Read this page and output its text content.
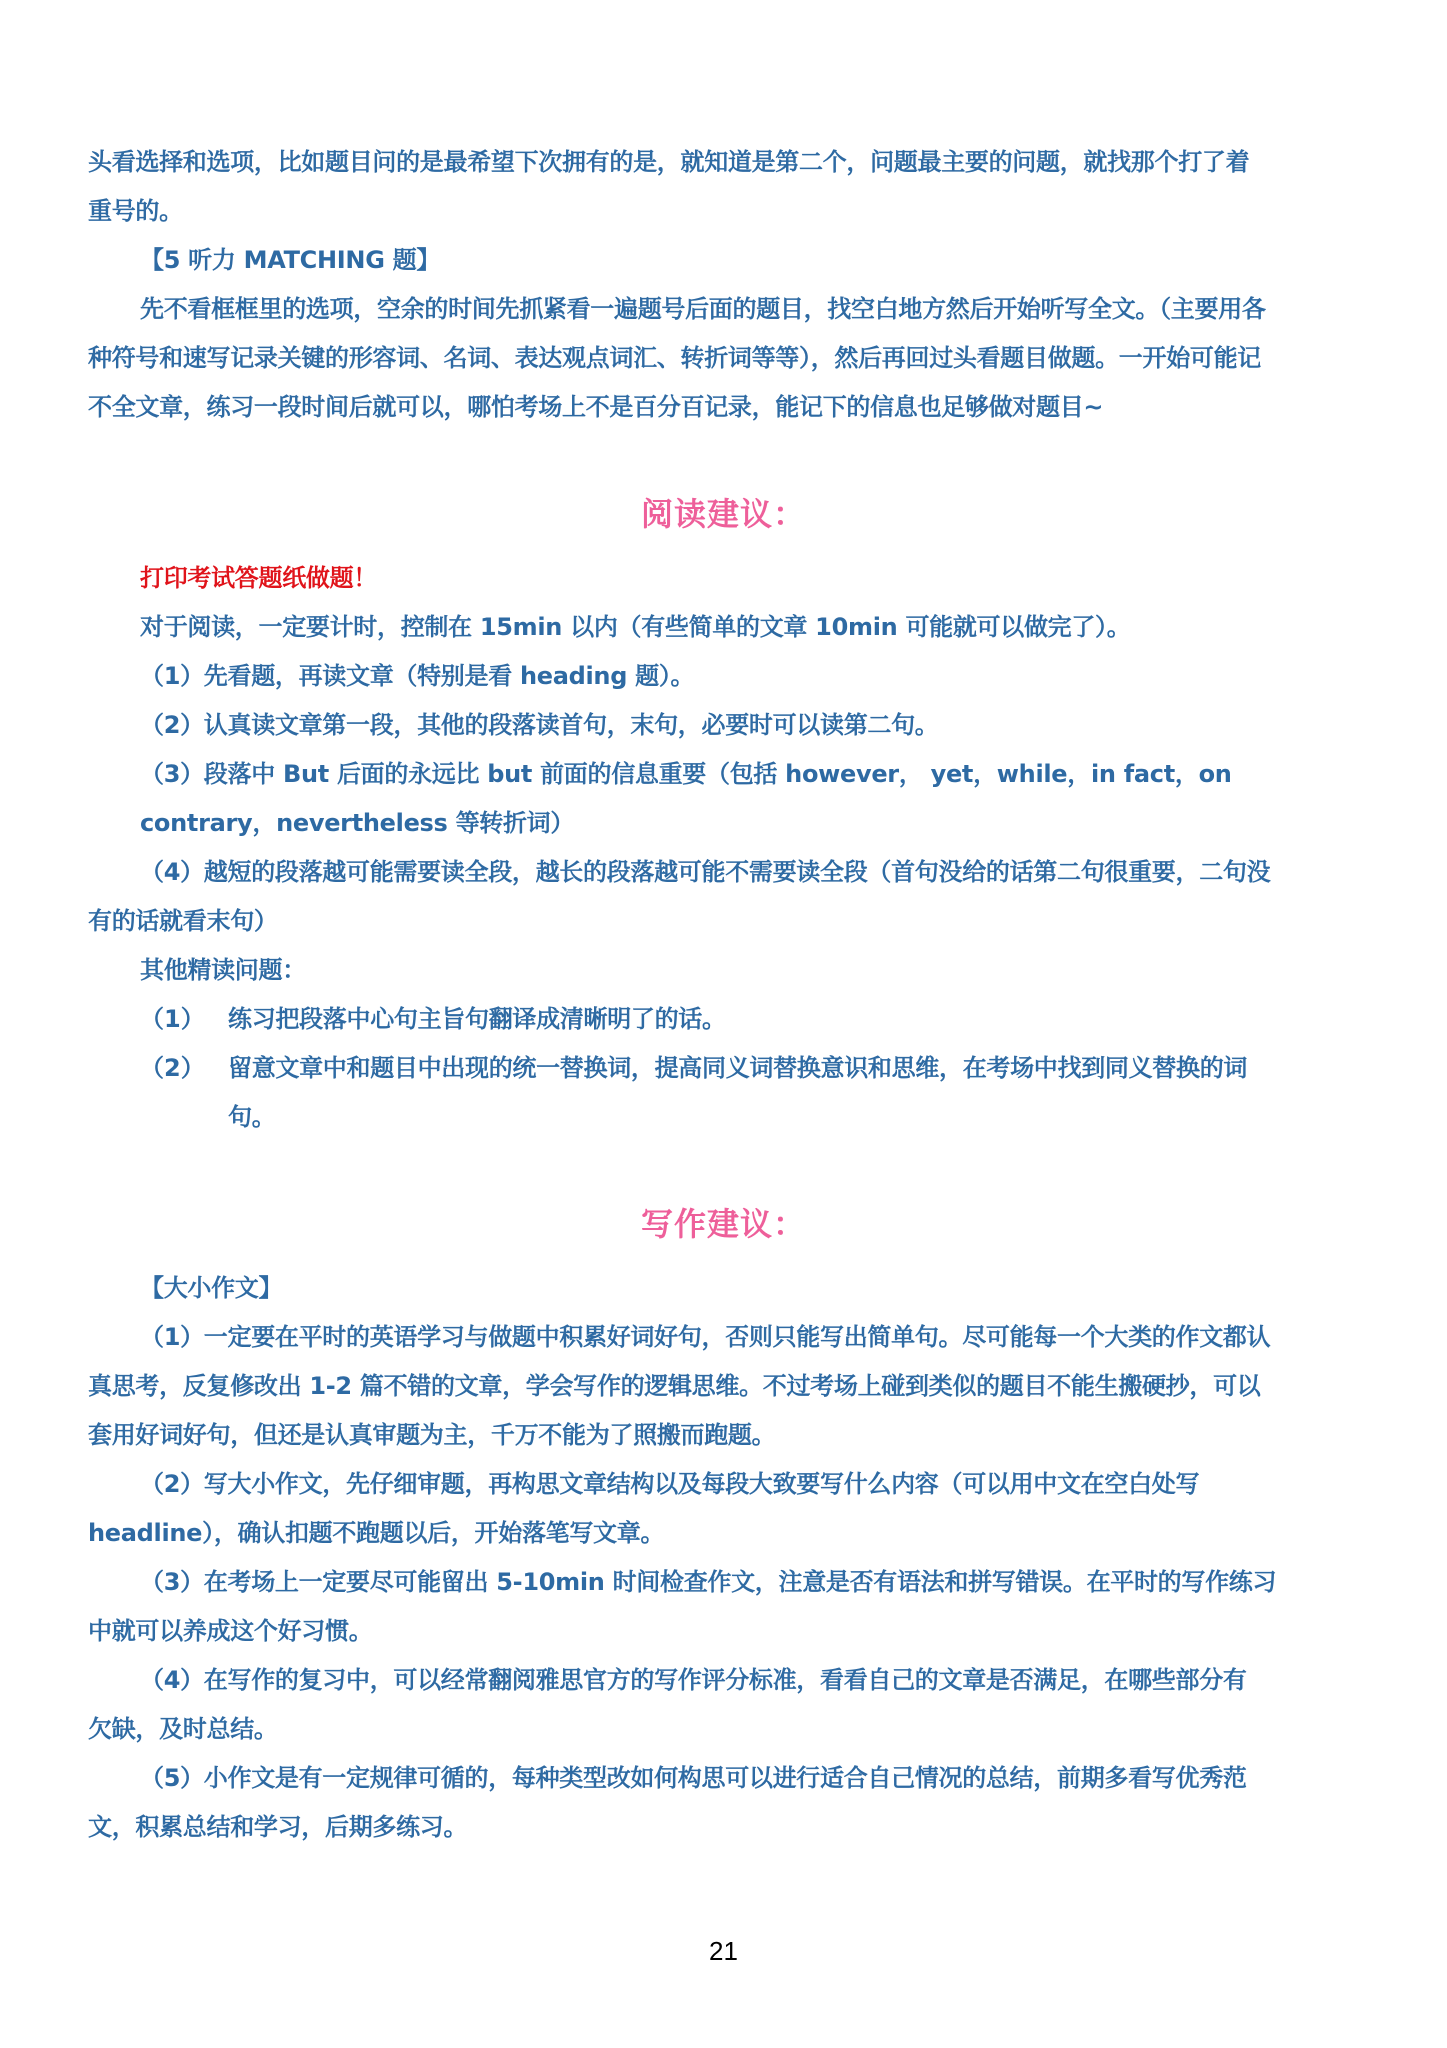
头看选择和选项，比如题目问的是最希望下次拥有的是，就知道是第二个，问题最主要的问题，就找那个打了着
重号的。
【5 听力 MATCHING 题】
先不看框框里的选项，空余的时间先抓紧看一遍题号后面的题目，找空白地方然后开始听写全文。（主要用各
种符号和速写记录关键的形容词、名词、表达观点词汇、转折词等等），然后再回过头看题目做题。一开始可能记
不全文章，练习一段时间后就可以，哪怕考场上不是百分百记录，能记下的信息也足够做对题目~
阅读建议：
打印考试答题纸做题！
对于阅读，一定要计时，控制在 15min 以内（有些简单的文章 10min 可能就可以做完了）。
（1）先看题，再读文章（特别是看 heading 题）。
（2）认真读文章第一段，其他的段落读首句，末句，必要时可以读第二句。
（3）段落中 But 后面的永远比 but 前面的信息重要（包括 however， yet，while，in fact，on
contrary，nevertheless 等转折词）
（4）越短的段落越可能需要读全段，越长的段落越可能不需要读全段（首句没给的话第二句很重要，二句没
有的话就看末句）
其他精读问题：
（1） 练习把段落中心句主旨句翻译成清晰明了的话。
（2） 留意文章中和题目中出现的统一替换词，提高同义词替换意识和思维，在考场中找到同义替换的词
句。
写作建议：
【大小作文】
（1）一定要在平时的英语学习与做题中积累好词好句，否则只能写出简单句。尽可能每一个大类的作文都认
真思考，反复修改出 1-2 篇不错的文章，学会写作的逻辑思维。不过考场上碰到类似的题目不能生搬硬抄，可以
套用好词好句，但还是认真审题为主，千万不能为了照搬而跑题。
（2）写大小作文，先仔细审题，再构思文章结构以及每段大致要写什么内容（可以用中文在空白处写
headline），确认扣题不跑题以后，开始落笔写文章。
（3）在考场上一定要尽可能留出 5-10min 时间检查作文，注意是否有语法和拼写错误。在平时的写作练习
中就可以养成这个好习惯。
（4）在写作的复习中，可以经常翻阅雅思官方的写作评分标准，看看自己的文章是否满足，在哪些部分有
欠缺，及时总结。
（5）小作文是有一定规律可循的，每种类型改如何构思可以进行适合自己情况的总结，前期多看写优秀范
文，积累总结和学习，后期多练习。
21
